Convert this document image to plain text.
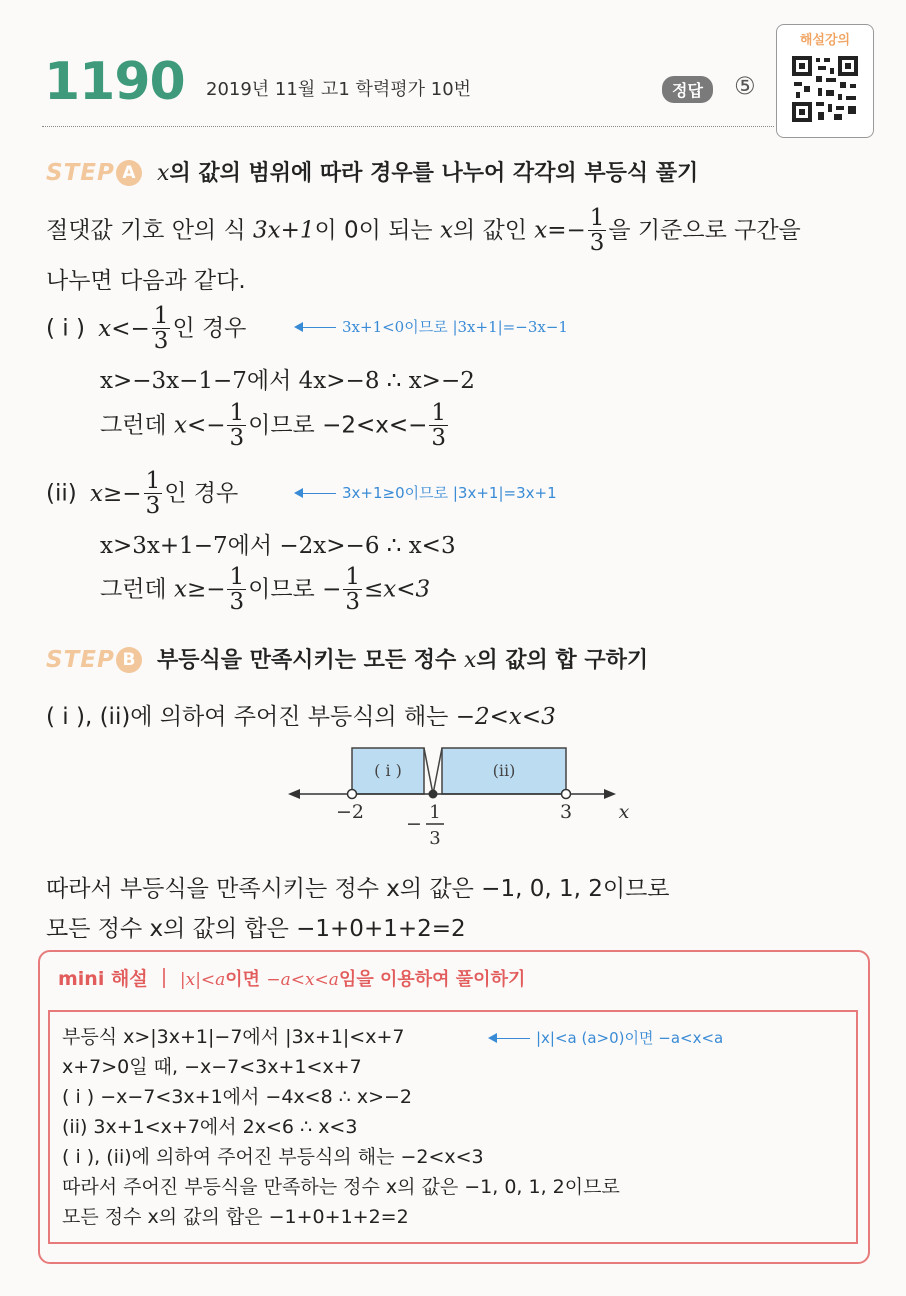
1190 2019년 11월 고1 학력평가 10번	정답	⑤
해설강의
STEP A x의 값의 범위에 따라 경우를 나누어 각각의 부등식 풀기
절댓값 기호 안의 식 3x+1이 0이 되는 x의 값인 $x=- \frac{1}{3}$ 을 기준으로 구간을
나누면 다음과 같다.
( i ) $x<- \frac{1}{3}$ 인 경우	3x+1<0이므로 |3x+1|=−3x−1
x>−3x−1−7에서 4x>−8 ∴ x>−2
그런데 $x<- \frac{1}{3}$ 이므로 $-2<x<- \frac{1}{3}$
(ii) $x\ge- \frac{1}{3}$ 인 경우	3x+1≥0이므로 |3x+1|=3x+1
x>3x+1−7에서 −2x>−6 ∴ x<3
그런데 $x\ge- \frac{1}{3}$ 이므로 − $\frac{1}{3} \le x<3$
STEP B 부등식을 만족시키는 모든 정수 x의 값의 합 구하기
( i ), (ii)에 의하여 주어진 부등식의 해는 −2<x<3
( i )	(ii)
−2	1
−
3
3 x
따라서 부등식을 만족시키는 정수 x의 값은 −1, 0, 1, 2이므로
모든 정수 x의 값의 합은 −1+0+1+2=2
mini 해설 |x|<a이면 −a<x<a임을 이용하여 풀이하기
부등식 x>|3x+1|−7에서 |3x+1|<x+7	|x|<a (a>0)이면 −a<x<a
x+7>0일 때, −x−7<3x+1<x+7
( i ) −x−7<3x+1에서 −4x<8 ∴ x>−2
(ii) 3x+1<x+7에서 2x<6 ∴ x<3
( i ), (ii)에 의하여 주어진 부등식의 해는 −2<x<3
따라서 주어진 부등식을 만족하는 정수 x의 값은 −1, 0, 1, 2이므로
모든 정수 x의 값의 합은 −1+0+1+2=2
